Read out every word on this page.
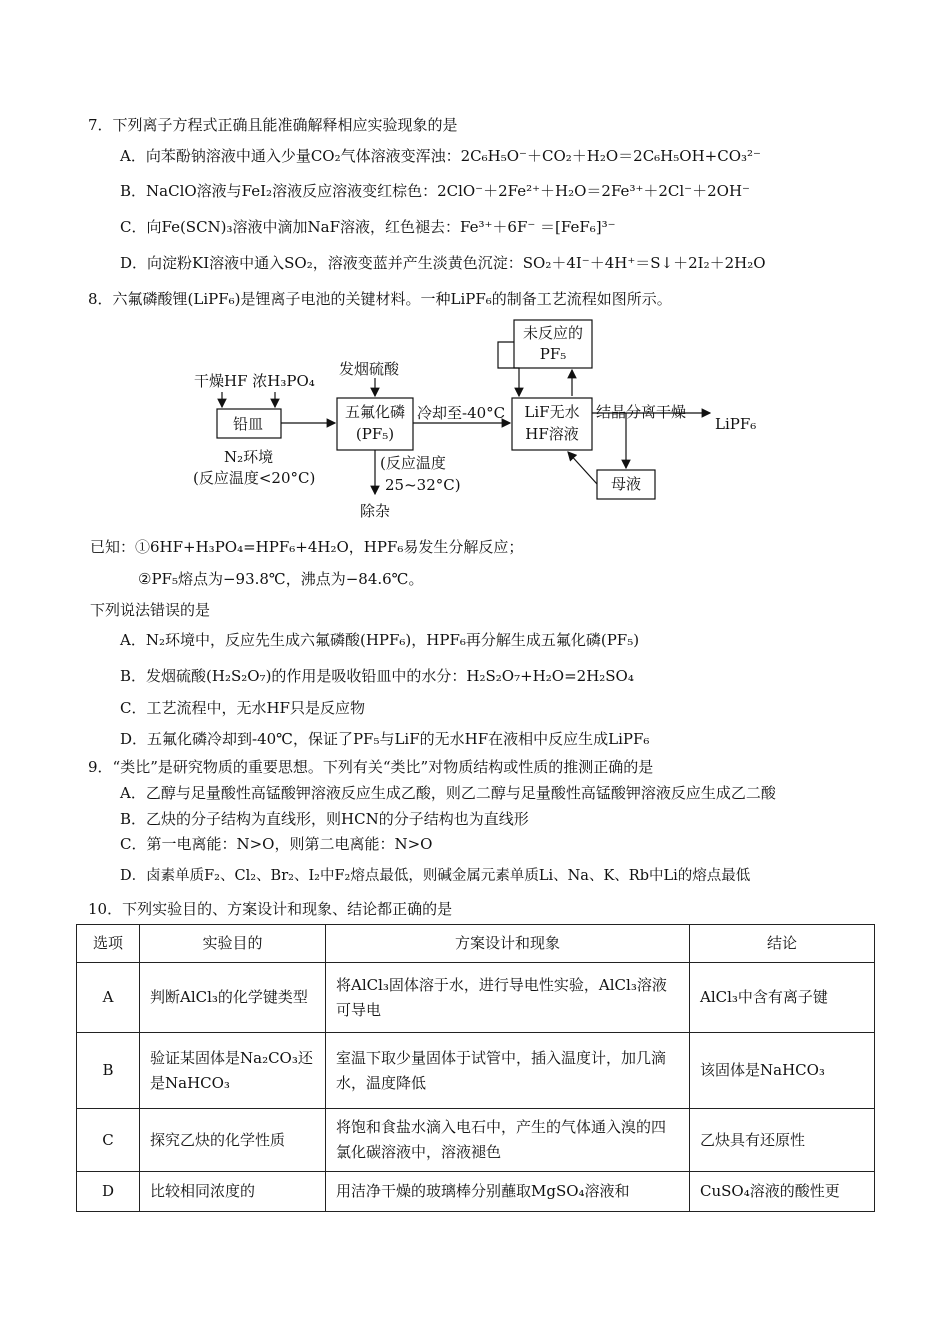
7．下列离子方程式正确且能准确解释相应实验现象的是
A．向苯酚钠溶液中通入少量CO₂气体溶液变浑浊：2C₆H₅O⁻＋CO₂＋H₂O＝2C₆H₅OH+CO₃²⁻
B．NaClO溶液与FeI₂溶液反应溶液变红棕色：2ClO⁻＋2Fe²⁺＋H₂O＝2Fe³⁺＋2Cl⁻＋2OH⁻
C．向Fe(SCN)₃溶液中滴加NaF溶液，红色褪去：Fe³⁺＋6F⁻ ＝[FeF₆]³⁻
D．向淀粉KI溶液中通入SO₂，溶液变蓝并产生淡黄色沉淀：SO₂＋4I⁻＋4H⁺＝S↓＋2I₂＋2H₂O
8．六氟磷酸锂(LiPF₆)是锂离子电池的关键材料。一种LiPF₆的制备工艺流程如图所示。
干燥HF 浓H₃PO₄
铅皿
N₂环境
(反应温度<20°C)
发烟硫酸
五氟化磷
(PF₅)
(反应温度
25~32°C)
除杂
冷却至-40°C	LiF无水
HF溶液
未反应的
PF₅
结晶分离干燥
LiPF₆
母液
已知：①6HF+H₃PO₄=HPF₆+4H₂O，HPF₆易发生分解反应；
②PF₅熔点为−93.8℃，沸点为−84.6℃。
下列说法错误的是
A．N₂环境中，反应先生成六氟磷酸(HPF₆)，HPF₆再分解生成五氟化磷(PF₅)
B．发烟硫酸(H₂S₂O₇)的作用是吸收铅皿中的水分：H₂S₂O₇+H₂O=2H₂SO₄
C．工艺流程中，无水HF只是反应物
D．五氟化磷冷却到-40℃，保证了PF₅与LiF的无水HF在液相中反应生成LiPF₆
9．“类比”是研究物质的重要思想。下列有关“类比”对物质结构或性质的推测正确的是
A．乙醇与足量酸性高锰酸钾溶液反应生成乙酸，则乙二醇与足量酸性高锰酸钾溶液反应生成乙二酸
B．乙炔的分子结构为直线形，则HCN的分子结构也为直线形
C．第一电离能：N>O，则第二电离能：N>O
D．卤素单质F₂、Cl₂、Br₂、I₂中F₂熔点最低，则碱金属元素单质Li、Na、K、Rb中Li的熔点最低
10．下列实验目的、方案设计和现象、结论都正确的是
选项	实验目的	方案设计和现象	结论
A	判断AlCl₃的化学键类型	将AlCl₃固体溶于水，进行导电性实验，AlCl₃溶液可导电	AlCl₃中含有离子键
B	验证某固体是Na₂CO₃还是NaHCO₃	室温下取少量固体于试管中，插入温度计，加几滴水，温度降低	该固体是NaHCO₃
C	探究乙炔的化学性质	将饱和食盐水滴入电石中，产生的气体通入溴的四氯化碳溶液中，溶液褪色	乙炔具有还原性
D	比较相同浓度的	用洁净干燥的玻璃棒分别蘸取MgSO₄溶液和	CuSO₄溶液的酸性更
